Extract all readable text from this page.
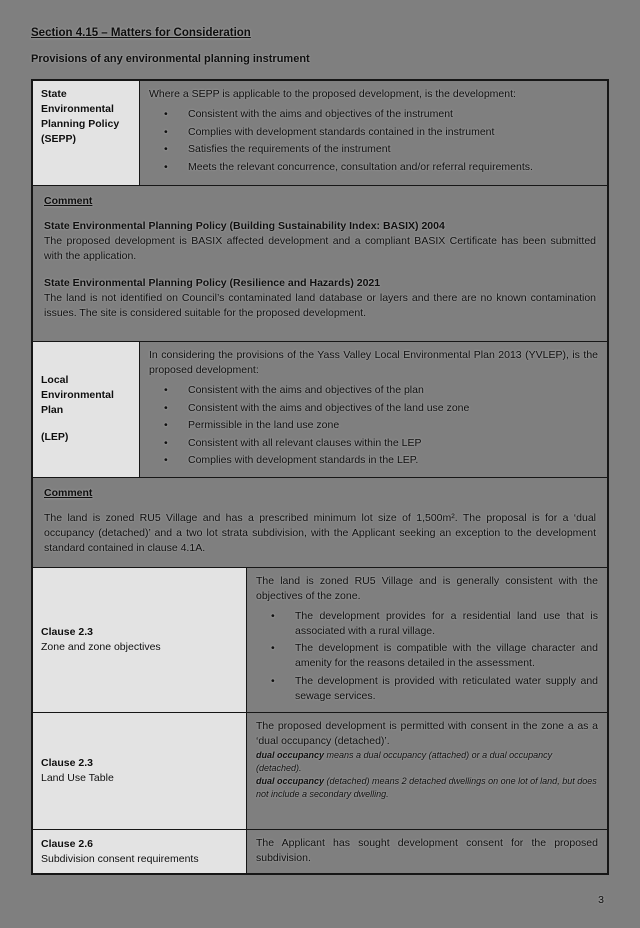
Section 4.15 – Matters for Consideration
Provisions of any environmental planning instrument
State Environmental Planning Policy (SEPP)

Where a SEPP is applicable to the proposed development, is the development:

• Consistent with the aims and objectives of the instrument
• Complies with development standards contained in the instrument
• Satisfies the requirements of the instrument
• Meets the relevant concurrence, consultation and/or referral requirements.

Comment

State Environmental Planning Policy (Building Sustainability Index: BASIX) 2004

The proposed development is BASIX affected development and a compliant BASIX Certificate has been submitted with the application.

State Environmental Planning Policy (Resilience and Hazards) 2021

The land is not identified on Council’s contaminated land database or layers and there are no known contamination issues. The site is considered suitable for the proposed development.

Local Environmental Plan
(LEP)

In considering the provisions of the Yass Valley Local Environmental Plan 2013 (YVLEP), is the proposed development:

• Consistent with the aims and objectives of the plan
• Consistent with the aims and objectives of the land use zone
• Permissible in the land use zone
• Consistent with all relevant clauses within the LEP
• Complies with development standards in the LEP.

Comment

The land is zoned RU5 Village and has a prescribed minimum lot size of 1,500m². The proposal is for a ‘dual occupancy (detached)’ and a two lot strata subdivision, with the Applicant seeking an exception to the development standard contained in clause 4.1A.

Clause 2.3
Zone and zone objectives

The land is zoned RU5 Village and is generally consistent with the objectives of the zone.

• The development provides for a residential land use that is associated with a rural village.
• The development is compatible with the village character and amenity for the reasons detailed in the assessment.
• The development is provided with reticulated water supply and sewage services.
Clause 2.3
Land Use Table

The proposed development is permitted with consent in the zone a as a ‘dual occupancy (detached)’.

dual occupancy means a dual occupancy (attached) or a dual occupancy (detached).

dual occupancy (detached) means 2 detached dwellings on one lot of land, but does not include a secondary dwelling.

Clause 2.6
Subdivision consent requirements

The Applicant has sought development consent for the proposed subdivision.

3
